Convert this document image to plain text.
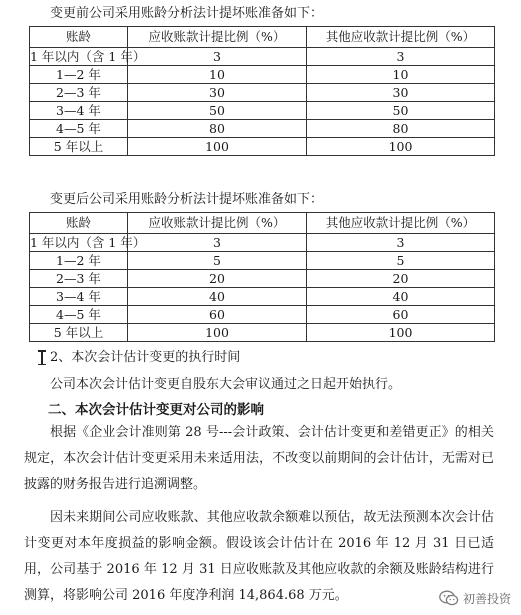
变更前公司采用账龄分析法计提坏账准备如下：
账龄	应收账款计提比例（%）	其他应收款计提比例（%）
1 年以内（含 1 年）	3	3
1—2 年	10	10
2—3 年	30	30
3—4 年	50	50
4—5 年	80	80
5 年以上	100	100
变更后公司采用账龄分析法计提坏账准备如下：
账龄	应收账款计提比例（%）	其他应收款计提比例（%）
1 年以内（含 1 年）	3	3
1—2 年	5	5
2—3 年	20	20
3—4 年	40	40
4—5 年	60	60
5 年以上	100	100
2、本次会计估计变更的执行时间
公司本次会计估计变更自股东大会审议通过之日起开始执行。
二、本次会计估计变更对公司的影响

根据《企业会计准则第 28 号---会计政策、会计估计变更和差错更正》的相关规定，本次会计估计变更采用未来适用法，不改变以前期间的会计估计，无需对已披露的财务报告进行追溯调整。

因未来期间公司应收账款、其他应收款余额难以预估，故无法预测本次会计估计变更对本年度损益的影响金额。假设该会计估计在 2016 年 12 月 31 日已适用，公司基于 2016 年 12 月 31 日应收账款及其他应收款的余额及账龄结构进行测算，将影响公司 2016 年度净利润 14,864.68 万元。	初善投资
